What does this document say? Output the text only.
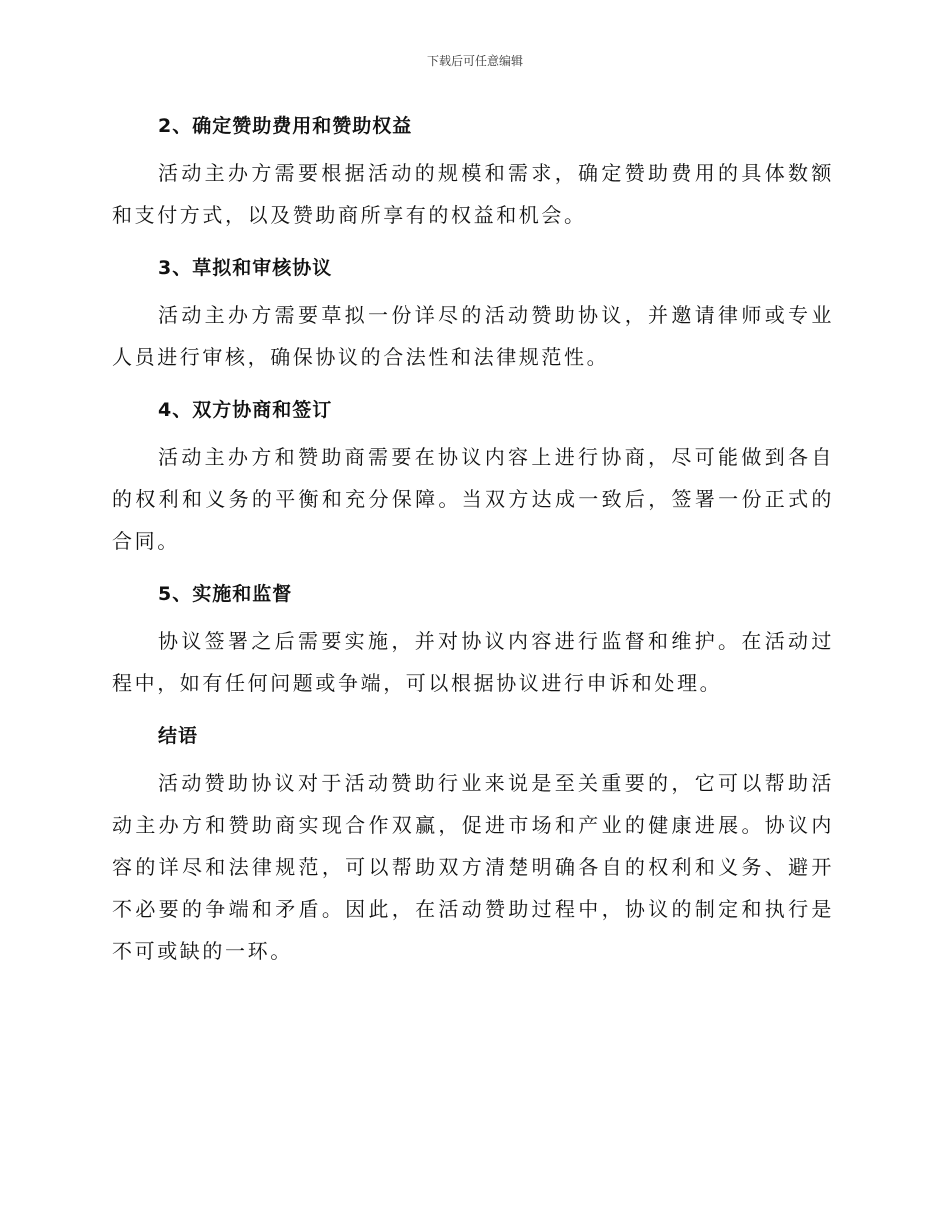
下载后可任意编辑
2、确定赞助费用和赞助权益

活动主办方需要根据活动的规模和需求，确定赞助费用的具体数额和支付方式，以及赞助商所享有的权益和机会。

3、草拟和审核协议

活动主办方需要草拟一份详尽的活动赞助协议，并邀请律师或专业人员进行审核，确保协议的合法性和法律规范性。

4、双方协商和签订

活动主办方和赞助商需要在协议内容上进行协商，尽可能做到各自的权利和义务的平衡和充分保障。当双方达成一致后，签署一份正式的合同。

5、实施和监督

协议签署之后需要实施，并对协议内容进行监督和维护。在活动过程中，如有任何问题或争端，可以根据协议进行申诉和处理。

结语

活动赞助协议对于活动赞助行业来说是至关重要的，它可以帮助活动主办方和赞助商实现合作双赢，促进市场和产业的健康进展。协议内容的详尽和法律规范，可以帮助双方清楚明确各自的权利和义务、避开不必要的争端和矛盾。因此，在活动赞助过程中，协议的制定和执行是不可或缺的一环。
